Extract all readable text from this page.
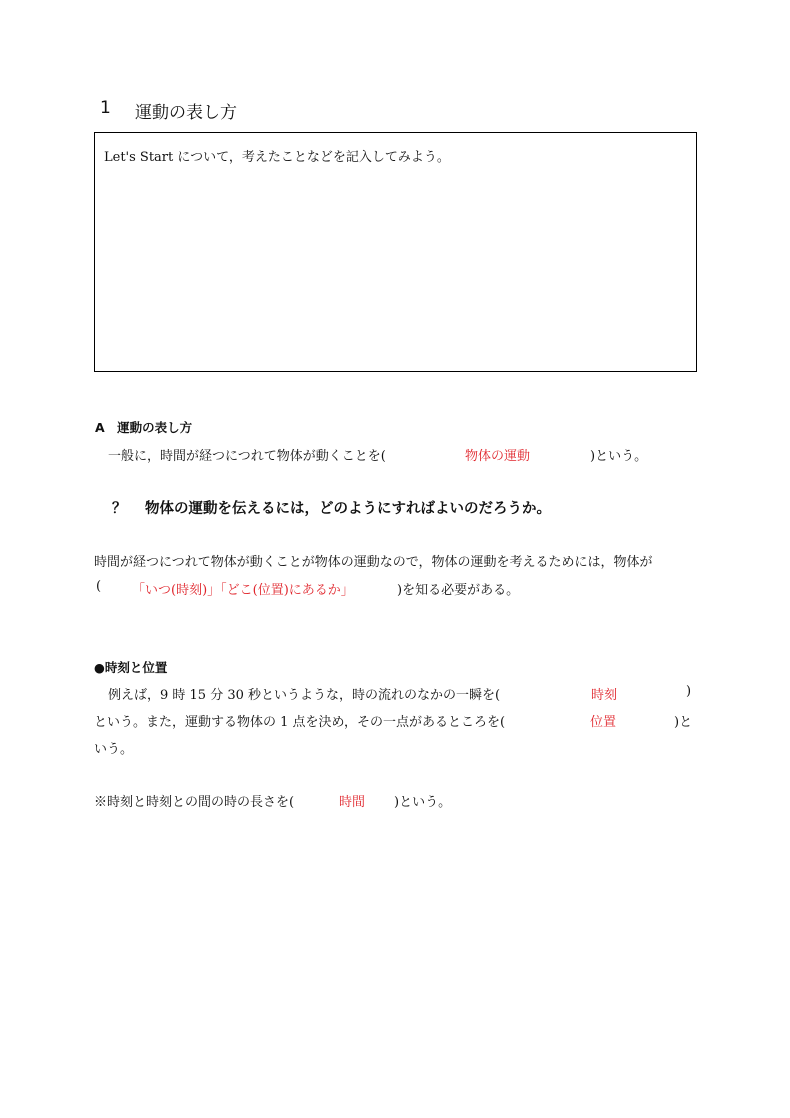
1 運動の表し方
Let's Start について，考えたことなどを記入してみよう。
A　運動の表し方
一般に，時間が経つにつれて物体が動くことを(	物体の運動	)という。
？ 物体の運動を伝えるには，どのようにすればよいのだろうか。
時間が経つにつれて物体が動くことが物体の運動なので，物体の運動を考えるためには，物体が
( 「いつ(時刻)」「どこ(位置)にあるか」	)を知る必要がある。
●時刻と位置
例えば，9 時 15 分 30 秒というような，時の流れのなかの一瞬を(	時刻	)
という。また，運動する物体の 1 点を決め，その一点があるところを(	位置	)と
いう。
※時刻と時刻との間の時の長さを(	時間 )という。
